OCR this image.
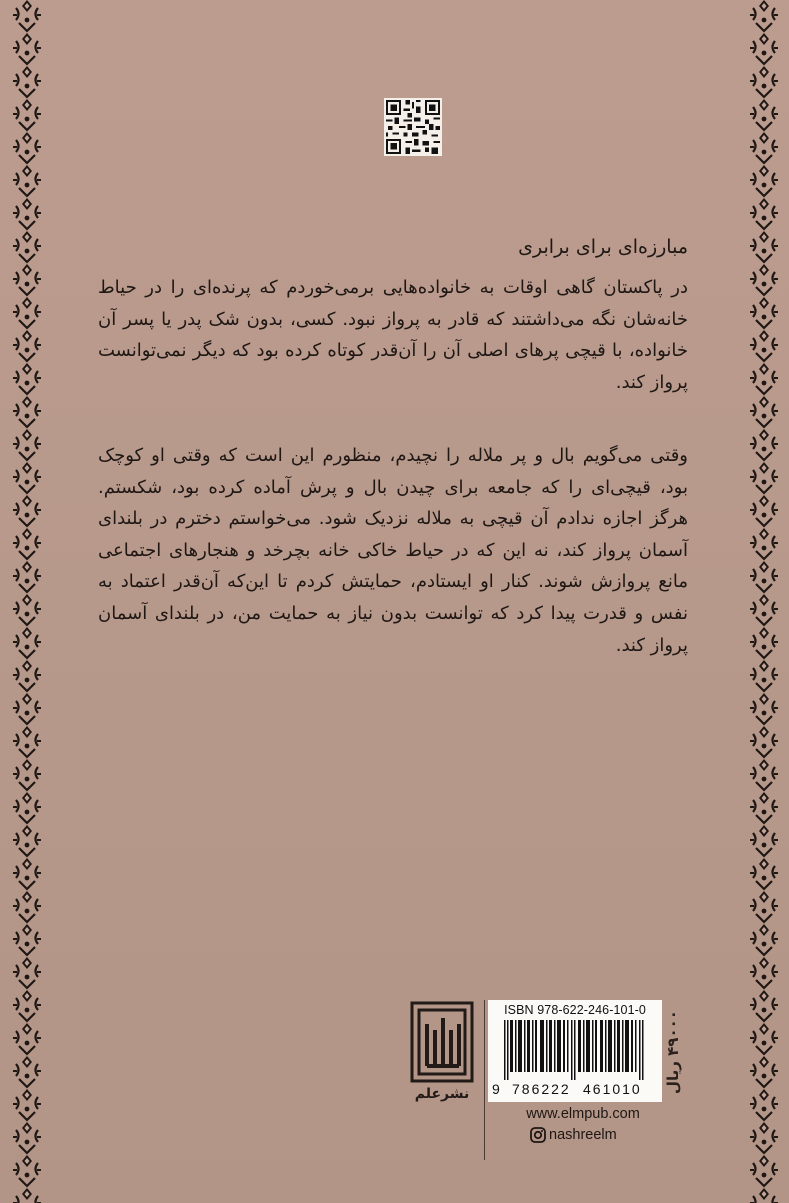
مبارزه‌ای برای برابری

در پاکستان گاهی اوقات به خانواده‌هایی برمی‌خوردم که پرنده‌ای را در حیاط خانه‌شان نگه می‌داشتند که قادر به پرواز نبود. کسی، بدون شک پدر یا پسر آن خانواده، با قیچی پرهای اصلی آن را آن‌قدر کوتاه کرده بود که دیگر نمی‌توانست پرواز کند.

وقتی می‌گویم بال و پر ملاله را نچیدم، منظورم این است که وقتی او کوچک بود، قیچی‌ای را که جامعه برای چیدن بال و پرش آماده کرده بود، شکستم. هرگز اجازه ندادم آن قیچی به ملاله نزدیک شود. می‌خواستم دخترم در بلندای آسمان پرواز کند، نه این که در حیاط خاکی خانه بچرخد و هنجارهای اجتماعی مانع پروازش شوند. کنار او ایستادم، حمایتش کردم تا این‌که آن‌قدر اعتماد به نفس و قدرت پیدا کرد که توانست بدون نیاز به حمایت من، در بلندای آسمان پرواز کند.

نشرعلم
ISBN 978-622-246-101-0
9 786222 461010 ۴۹۰۰۰ ریال
www.elmpub.com
nashreelm
